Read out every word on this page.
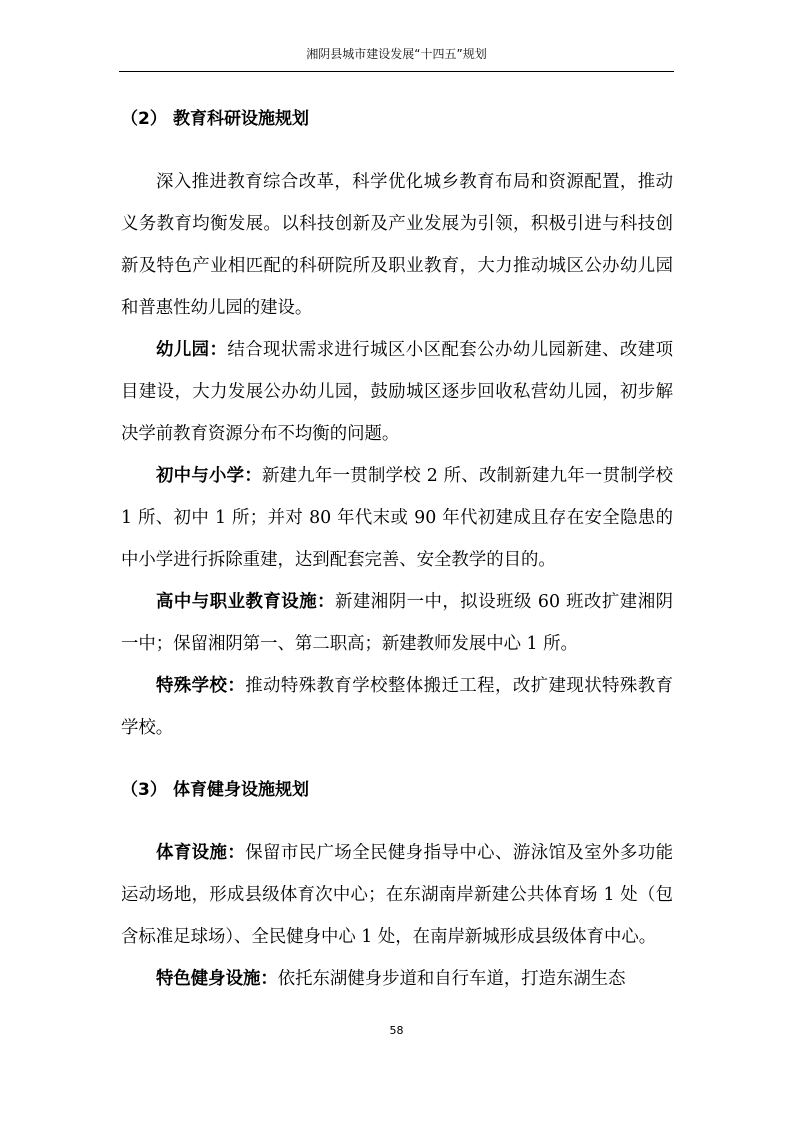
湘阴县城市建设发展“十四五”规划
（2） 教育科研设施规划

深入推进教育综合改革，科学优化城乡教育布局和资源配置，推动义务教育均衡发展。以科技创新及产业发展为引领，积极引进与科技创新及特色产业相匹配的科研院所及职业教育，大力推动城区公办幼儿园和普惠性幼儿园的建设。

幼儿园：结合现状需求进行城区小区配套公办幼儿园新建、改建项目建设，大力发展公办幼儿园，鼓励城区逐步回收私营幼儿园，初步解决学前教育资源分布不均衡的问题。

初中与小学：新建九年一贯制学校 2 所、改制新建九年一贯制学校 1 所、初中 1 所；并对 80 年代末或 90 年代初建成且存在安全隐患的中小学进行拆除重建，达到配套完善、安全教学的目的。

高中与职业教育设施：新建湘阴一中，拟设班级 60 班改扩建湘阴一中；保留湘阴第一、第二职高；新建教师发展中心 1 所。

特殊学校：推动特殊教育学校整体搬迁工程，改扩建现状特殊教育学校。

（3） 体育健身设施规划

体育设施：保留市民广场全民健身指导中心、游泳馆及室外多功能运动场地，形成县级体育次中心；在东湖南岸新建公共体育场 1 处（包含标准足球场）、全民健身中心 1 处，在南岸新城形成县级体育中心。

特色健身设施：依托东湖健身步道和自行车道，打造东湖生态

58
